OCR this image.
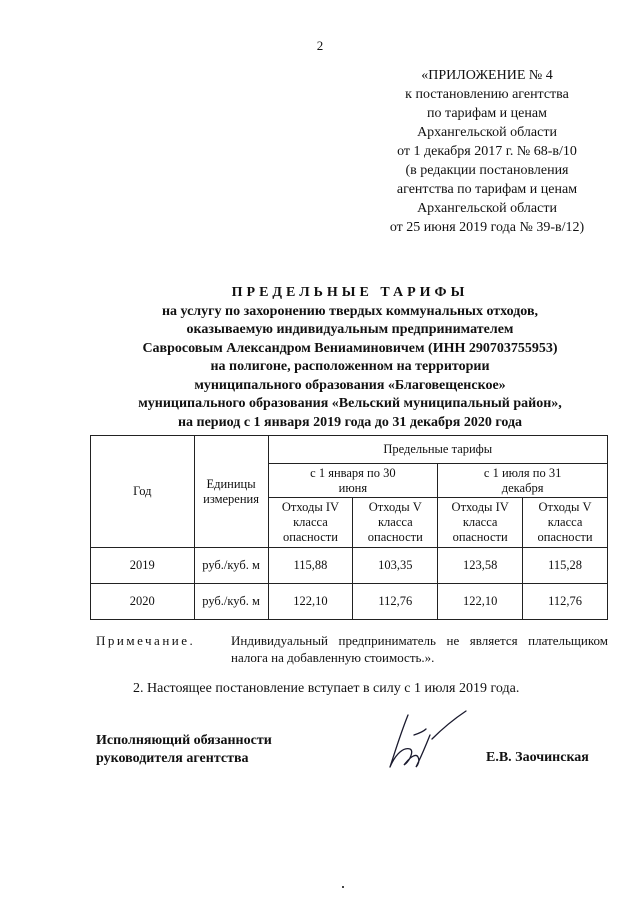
2
«ПРИЛОЖЕНИЕ № 4
к постановлению агентства
по тарифам и ценам
Архангельской области
от 1 декабря 2017 г. № 68-в/10
(в редакции постановления
агентства по тарифам и ценам
Архангельской области
от 25 июня 2019 года № 39-в/12)
ПРЕДЕЛЬНЫЕ ТАРИФЫ
на услугу по захоронению твердых коммунальных отходов,
оказываемую индивидуальным предпринимателем
Савросовым Александром Вениаминовичем (ИНН 290703755953)
на полигоне, расположенном на территории
муниципального образования «Благовещенское»
муниципального образования «Вельский муниципальный район»,
на период с 1 января 2019 года до 31 декабря 2020 года
Год	Единицы измерения	Предельные тарифы			
		с 1 января по 30 июня		с 1 июля по 31 декабря	
		Отходы IV класса опасности	Отходы V класса опасности	Отходы IV класса опасности	Отходы V класса опасности
2019	руб./куб. м	115,88	103,35	123,58	115,28
2020	руб./куб. м	122,10	112,76	122,10	112,76
Примечание.	Индивидуальный предприниматель не является плательщиком
налога на добавленную стоимость.».
2. Настоящее постановление вступает в силу с 1 июля 2019 года.
Исполняющий обязанности
руководителя агентства	Е.В. Заочинская
